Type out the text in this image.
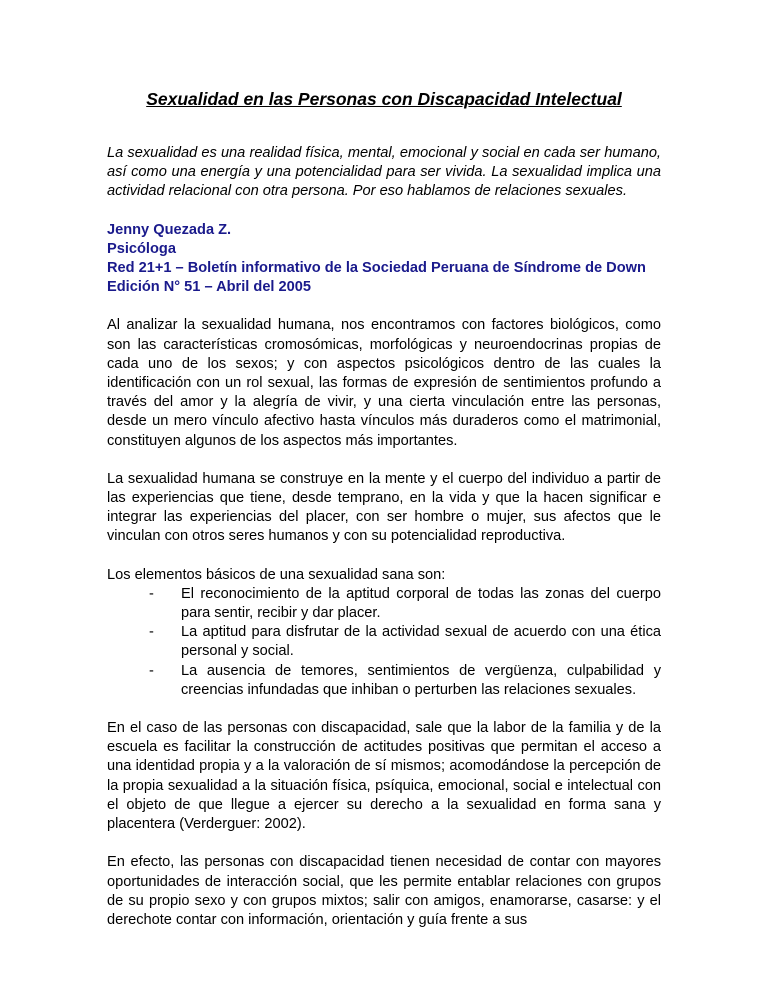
Sexualidad en las Personas con Discapacidad Intelectual

La sexualidad es una realidad física, mental, emocional y social en cada ser humano, así como una energía y una potencialidad para ser vivida. La sexualidad implica una actividad relacional con otra persona. Por eso hablamos de relaciones sexuales.

Jenny Quezada Z.
Psicóloga
Red 21+1 – Boletín informativo de la Sociedad Peruana de Síndrome de Down
Edición N° 51 – Abril del 2005

Al analizar la sexualidad humana, nos encontramos con factores biológicos, como son las características cromosómicas, morfológicas y neuroendocrinas propias de cada uno de los sexos; y con aspectos psicológicos dentro de las cuales la identificación con un rol sexual, las formas de expresión de sentimientos profundo a través del amor y la alegría de vivir, y una cierta vinculación entre las personas, desde un mero vínculo afectivo hasta vínculos más duraderos como el matrimonial, constituyen algunos de los aspectos más importantes.

La sexualidad humana se construye en la mente y el cuerpo del individuo a partir de las experiencias que tiene, desde temprano, en la vida y que la hacen significar e integrar las experiencias del placer, con ser hombre o mujer, sus afectos que le vinculan con otros seres humanos y con su potencialidad reproductiva.

Los elementos básicos de una sexualidad sana son:

- El reconocimiento de la aptitud corporal de todas las zonas del cuerpo para sentir, recibir y dar placer.
- La aptitud para disfrutar de la actividad sexual de acuerdo con una ética personal y social.
- La ausencia de temores, sentimientos de vergüenza, culpabilidad y creencias infundadas que inhiban o perturben las relaciones sexuales.

En el caso de las personas con discapacidad, sale que la labor de la familia y de la escuela es facilitar la construcción de actitudes positivas que permitan el acceso a una identidad propia y a la valoración de sí mismos; acomodándose la percepción de la propia sexualidad a la situación física, psíquica, emocional, social e intelectual con el objeto de que llegue a ejercer su derecho a la sexualidad en forma sana y placentera (Verderguer: 2002).

En efecto, las personas con discapacidad tienen necesidad de contar con mayores oportunidades de interacción social, que les permite entablar relaciones con grupos de su propio sexo y con grupos mixtos; salir con amigos, enamorarse, casarse: y el derechote contar con información, orientación y guía frente a sus
